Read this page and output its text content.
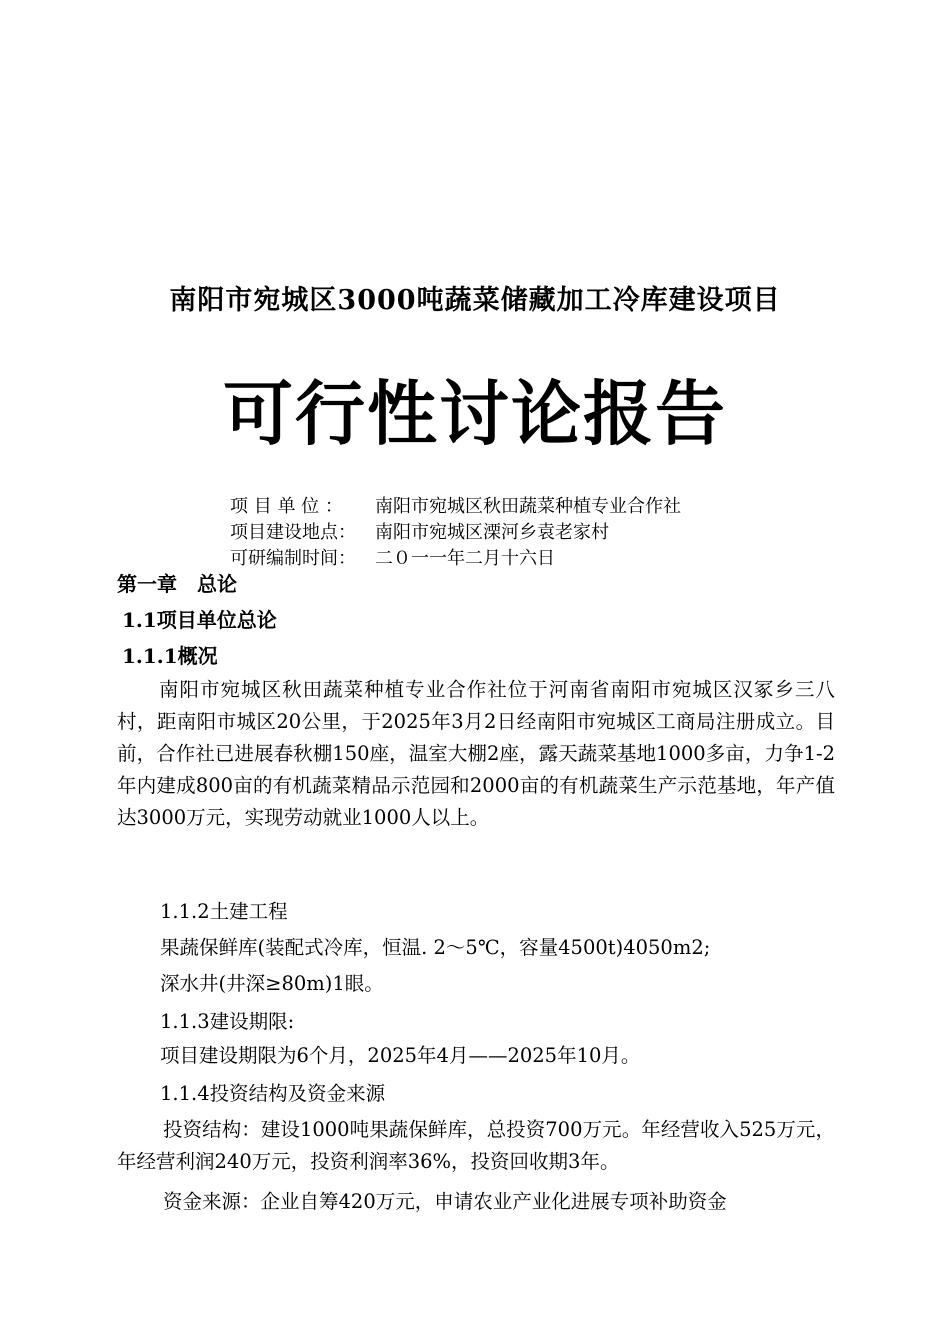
南阳市宛城区3000吨蔬菜储藏加工冷库建设项目
可行性讨论报告
项 目 单 位 ： 南阳市宛城区秋田蔬菜种植专业合作社
项目建设地点： 南阳市宛城区溧河乡袁老家村
可研编制时间： 二０一一年二月十六日
第一章　总论
1.1项目单位总论
1.1.1概况
南阳市宛城区秋田蔬菜种植专业合作社位于河南省南阳市宛城区汉冢乡三八村，距南阳市城区20公里，于2025年3月2日经南阳市宛城区工商局注册成立。目前，合作社已进展春秋棚150座，温室大棚2座，露天蔬菜基地1000多亩，力争1-2年内建成800亩的有机蔬菜精品示范园和2000亩的有机蔬菜生产示范基地，年产值达3000万元，实现劳动就业1000人以上。
1.1.2土建工程
果蔬保鲜库(装配式冷库，恒温. 2～5℃，容量4500t)4050m2;
深水井(井深≥80m)1眼。
1.1.3建设期限:
项目建设期限为6个月，2025年4月——2025年10月。
1.1.4投资结构及资金来源
投资结构：建设1000吨果蔬保鲜库，总投资700万元。年经营收入525万元，年经营利润240万元，投资利润率36%，投资回收期3年。
资金来源：企业自筹420万元，申请农业产业化进展专项补助资金
